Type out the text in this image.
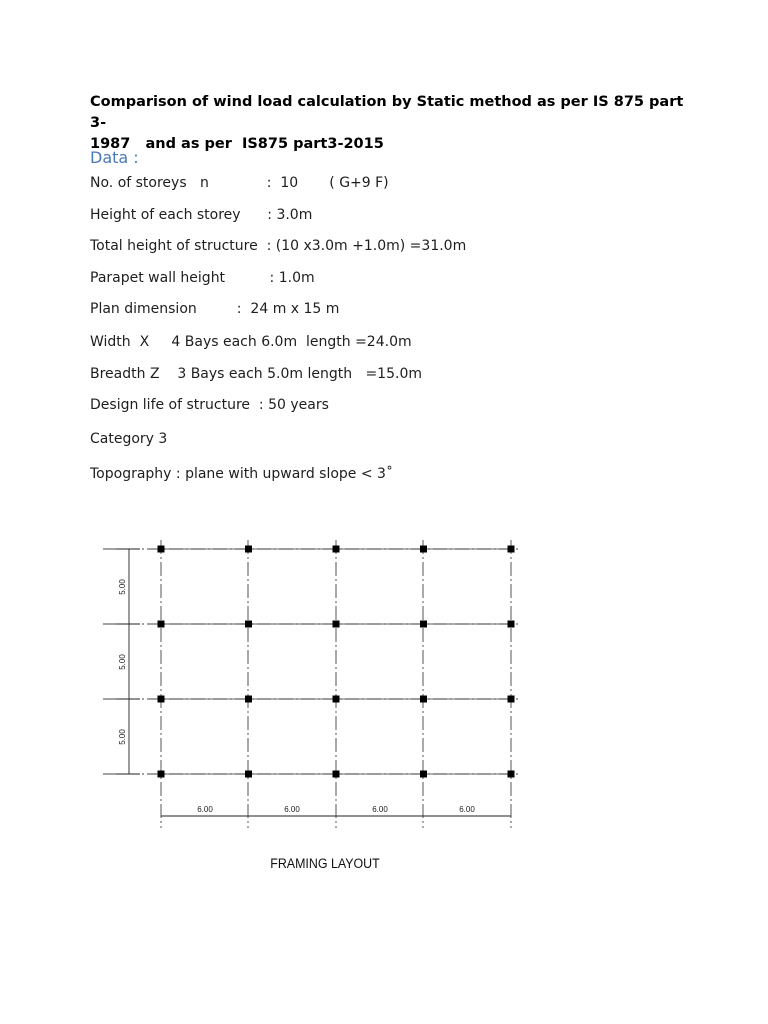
Comparison of wind load calculation by Static method as per IS 875 part 3-
1987   and as per  IS875 part3-2015

Data :

No. of storeys   n             :  10       ( G+9 F)

Height of each storey      : 3.0m

Total height of structure  : (10 x3.0m +1.0m) =31.0m

Parapet wall height          : 1.0m

Plan dimension         :  24 m x 15 m

Width  X     4 Bays each 6.0m  length =24.0m

Breadth Z    3 Bays each 5.0m length   =15.0m

Design life of structure  : 50 years

Category 3

Topography : plane with upward slope < 3˚

6.00	6.00	6.00	6.00
5.00
5.00
5.00
FRAMING LAYOUT
